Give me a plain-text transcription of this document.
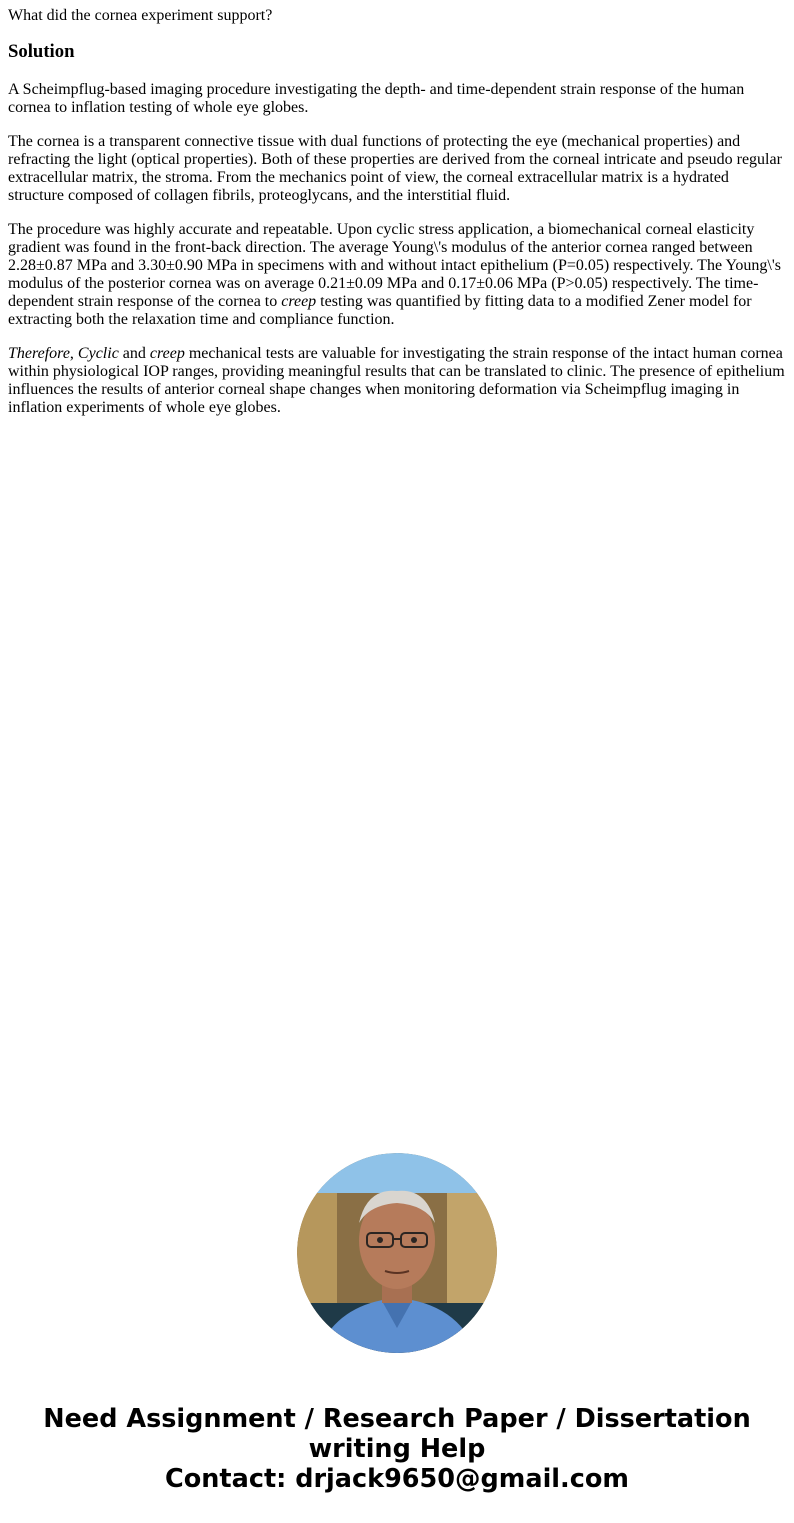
What did the cornea experiment support?
Solution

A Scheimpflug-based imaging procedure investigating the depth- and time-dependent strain response of the human cornea to inflation testing of whole eye globes.

The cornea is a transparent connective tissue with dual functions of protecting the eye (mechanical properties) and refracting the light (optical properties). Both of these properties are derived from the corneal intricate and pseudo regular extracellular matrix, the stroma. From the mechanics point of view, the corneal extracellular matrix is a hydrated structure composed of collagen fibrils, proteoglycans, and the interstitial fluid.

The procedure was highly accurate and repeatable. Upon cyclic stress application, a biomechanical corneal elasticity gradient was found in the front-back direction. The average Young\'s modulus of the anterior cornea ranged between 2.28±0.87 MPa and 3.30±0.90 MPa in specimens with and without intact epithelium (P=0.05) respectively. The Young\'s modulus of the posterior cornea was on average 0.21±0.09 MPa and 0.17±0.06 MPa (P>0.05) respectively. The time-dependent strain response of the cornea to creep testing was quantified by fitting data to a modified Zener model for extracting both the relaxation time and compliance function.

Therefore, Cyclic and creep mechanical tests are valuable for investigating the strain response of the intact human cornea within physiological IOP ranges, providing meaningful results that can be translated to clinic. The presence of epithelium influences the results of anterior corneal shape changes when monitoring deformation via Scheimpflug imaging in inflation experiments of whole eye globes.

Need Assignment / Research Paper / Dissertation
writing Help
Contact: drjack9650@gmail.com
